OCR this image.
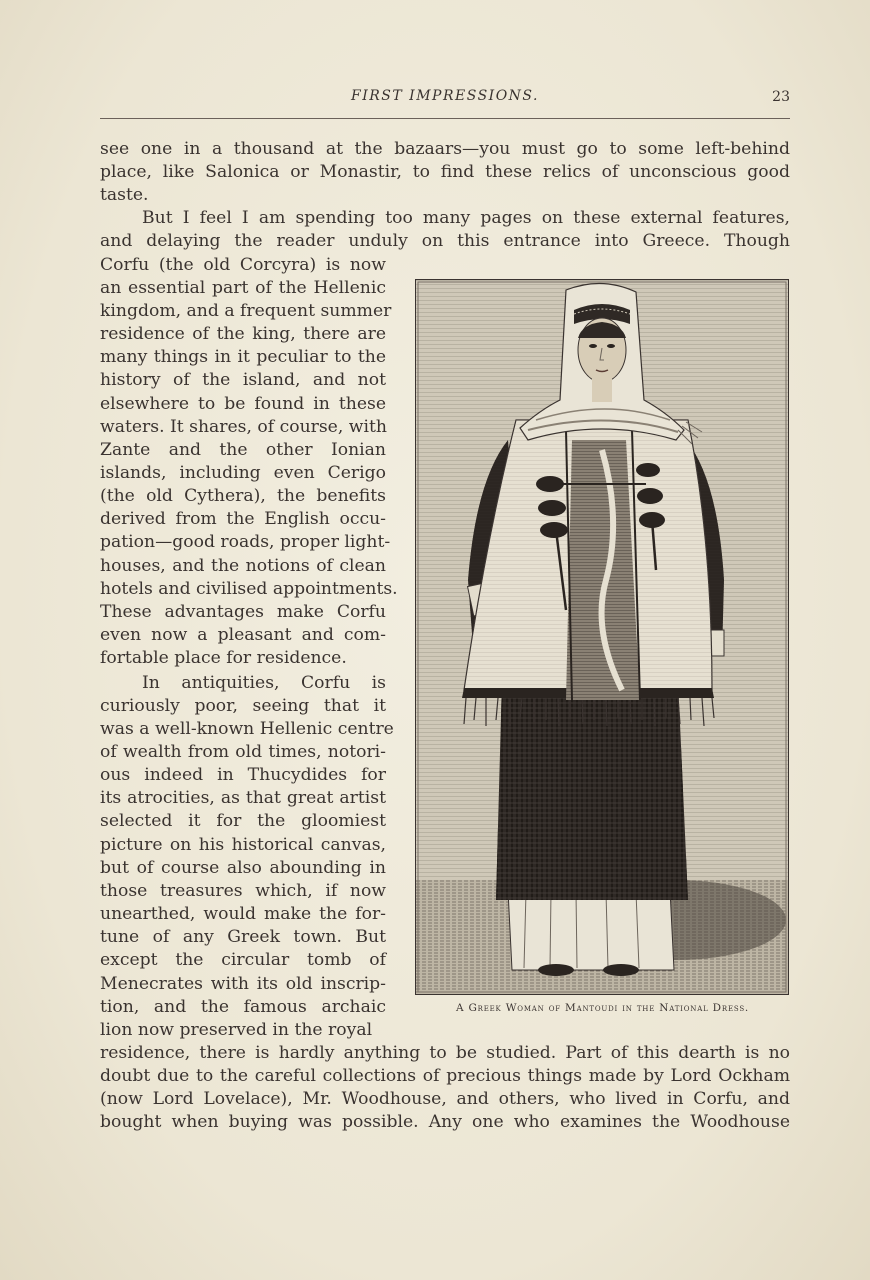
FIRST IMPRESSIONS.	23
see one in a thousand at the bazaars—you must go to some left-behind
place, like Salonica or Monastir, to find these relics of unconscious good
taste.
But I feel I am spending too many pages on these external features,
and delaying the reader unduly on this entrance into Greece. Though
Corfu (the old Corcyra) is now
an essential part of the Hellenic
kingdom, and a frequent summer
residence of the king, there are
many things in it peculiar to the
history of the island, and not
elsewhere to be found in these
waters. It shares, of course, with
Zante and the other Ionian
islands, including even Cerigo
(the old Cythera), the benefits
derived from the English occu-
pation—good roads, proper light-
houses, and the notions of clean
hotels and civilised appointments.
These advantages make Corfu
even now a pleasant and com-
fortable place for residence.
In antiquities, Corfu is
curiously poor, seeing that it
was a well-known Hellenic centre
of wealth from old times, notori-
ous indeed in Thucydides for
its atrocities, as that great artist
selected it for the gloomiest
picture on his historical canvas,
but of course also abounding in
those treasures which, if now
unearthed, would make the for-
tune of any Greek town. But
except the circular tomb of
Menecrates with its old inscrip-
tion, and the famous archaic
lion now preserved in the royal
residence, there is hardly anything to be studied. Part of this dearth is no
doubt due to the careful collections of precious things made by Lord Ockham
(now Lord Lovelace), Mr. Woodhouse, and others, who lived in Corfu, and
bought when buying was possible. Any one who examines the Woodhouse
A Greek Woman of Mantoudi in the National Dress.
